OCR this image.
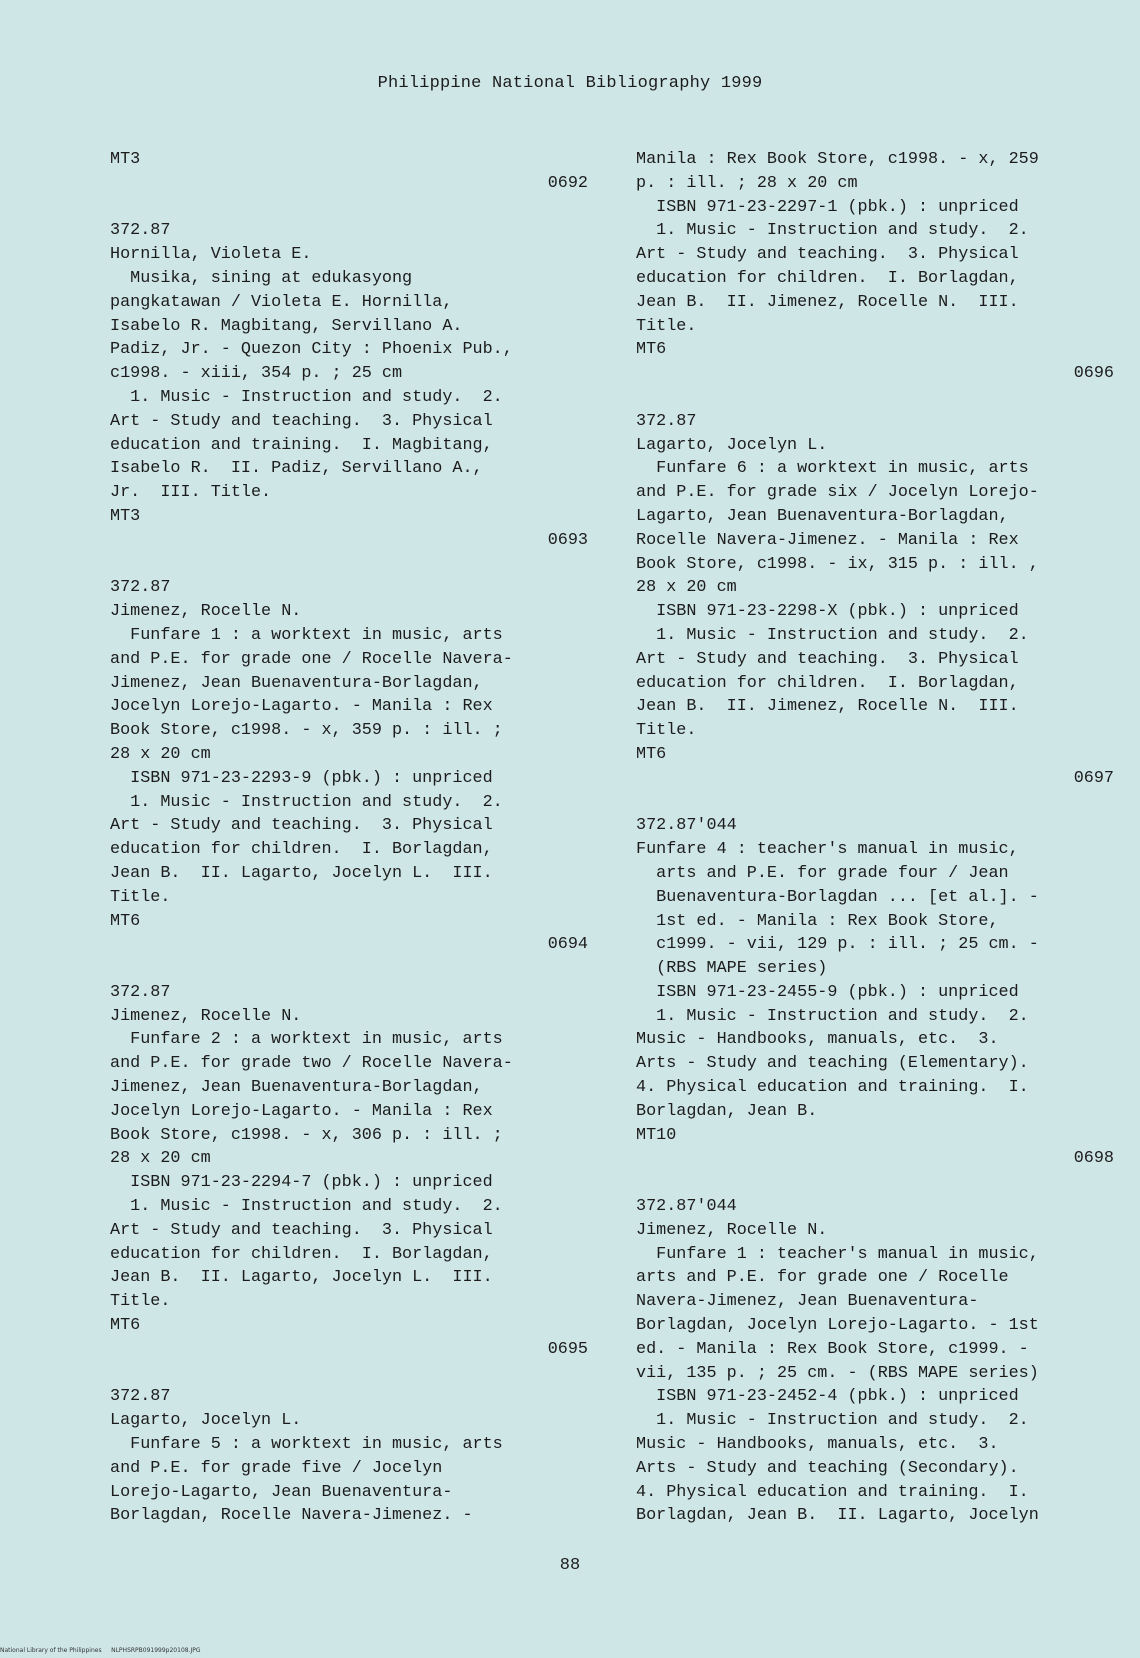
Philippine National Bibliography 1999
MT3
0692
372.87
Hornilla, Violeta E.
Musika, sining at edukasyong
pangkatawan / Violeta E. Hornilla,
Isabelo R. Magbitang, Servillano A.
Padiz, Jr. - Quezon City : Phoenix Pub.,
c1998. - xiii, 354 p. ; 25 cm
1. Music - Instruction and study.  2.
Art - Study and teaching.  3. Physical
education and training.  I. Magbitang,
Isabelo R.  II. Padiz, Servillano A.,
Jr.  III. Title.
MT3
0693
372.87
Jimenez, Rocelle N.
Funfare 1 : a worktext in music, arts
and P.E. for grade one / Rocelle Navera-
Jimenez, Jean Buenaventura-Borlagdan,
Jocelyn Lorejo-Lagarto. - Manila : Rex
Book Store, c1998. - x, 359 p. : ill. ;
28 x 20 cm
ISBN 971-23-2293-9 (pbk.) : unpriced
1. Music - Instruction and study.  2.
Art - Study and teaching.  3. Physical
education for children.  I. Borlagdan,
Jean B.  II. Lagarto, Jocelyn L.  III.
Title.
MT6
0694
372.87
Jimenez, Rocelle N.
Funfare 2 : a worktext in music, arts
and P.E. for grade two / Rocelle Navera-
Jimenez, Jean Buenaventura-Borlagdan,
Jocelyn Lorejo-Lagarto. - Manila : Rex
Book Store, c1998. - x, 306 p. : ill. ;
28 x 20 cm
ISBN 971-23-2294-7 (pbk.) : unpriced
1. Music - Instruction and study.  2.
Art - Study and teaching.  3. Physical
education for children.  I. Borlagdan,
Jean B.  II. Lagarto, Jocelyn L.  III.
Title.
MT6
0695
372.87
Lagarto, Jocelyn L.
Funfare 5 : a worktext in music, arts
and P.E. for grade five / Jocelyn
Lorejo-Lagarto, Jean Buenaventura-
Borlagdan, Rocelle Navera-Jimenez. -
Manila : Rex Book Store, c1998. - x, 259
p. : ill. ; 28 x 20 cm
ISBN 971-23-2297-1 (pbk.) : unpriced
1. Music - Instruction and study.  2.
Art - Study and teaching.  3. Physical
education for children.  I. Borlagdan,
Jean B.  II. Jimenez, Rocelle N.  III.
Title.
MT6
0696
372.87
Lagarto, Jocelyn L.
Funfare 6 : a worktext in music, arts
and P.E. for grade six / Jocelyn Lorejo-
Lagarto, Jean Buenaventura-Borlagdan,
Rocelle Navera-Jimenez. - Manila : Rex
Book Store, c1998. - ix, 315 p. : ill. ,
28 x 20 cm
ISBN 971-23-2298-X (pbk.) : unpriced
1. Music - Instruction and study.  2.
Art - Study and teaching.  3. Physical
education for children.  I. Borlagdan,
Jean B.  II. Jimenez, Rocelle N.  III.
Title.
MT6
0697
372.87'044
Funfare 4 : teacher's manual in music,
arts and P.E. for grade four / Jean
Buenaventura-Borlagdan ... [et al.]. -
1st ed. - Manila : Rex Book Store,
c1999. - vii, 129 p. : ill. ; 25 cm. -
(RBS MAPE series)
ISBN 971-23-2455-9 (pbk.) : unpriced
1. Music - Instruction and study.  2.
Music - Handbooks, manuals, etc.  3.
Arts - Study and teaching (Elementary).
4. Physical education and training.  I.
Borlagdan, Jean B.
MT10
0698
372.87'044
Jimenez, Rocelle N.
Funfare 1 : teacher's manual in music,
arts and P.E. for grade one / Rocelle
Navera-Jimenez, Jean Buenaventura-
Borlagdan, Jocelyn Lorejo-Lagarto. - 1st
ed. - Manila : Rex Book Store, c1999. -
vii, 135 p. ; 25 cm. - (RBS MAPE series)
ISBN 971-23-2452-4 (pbk.) : unpriced
1. Music - Instruction and study.  2.
Music - Handbooks, manuals, etc.  3.
Arts - Study and teaching (Secondary).
4. Physical education and training.  I.
Borlagdan, Jean B.  II. Lagarto, Jocelyn
88
National Library of the Philippines     NLPHSRPB091999p20108.JPG
